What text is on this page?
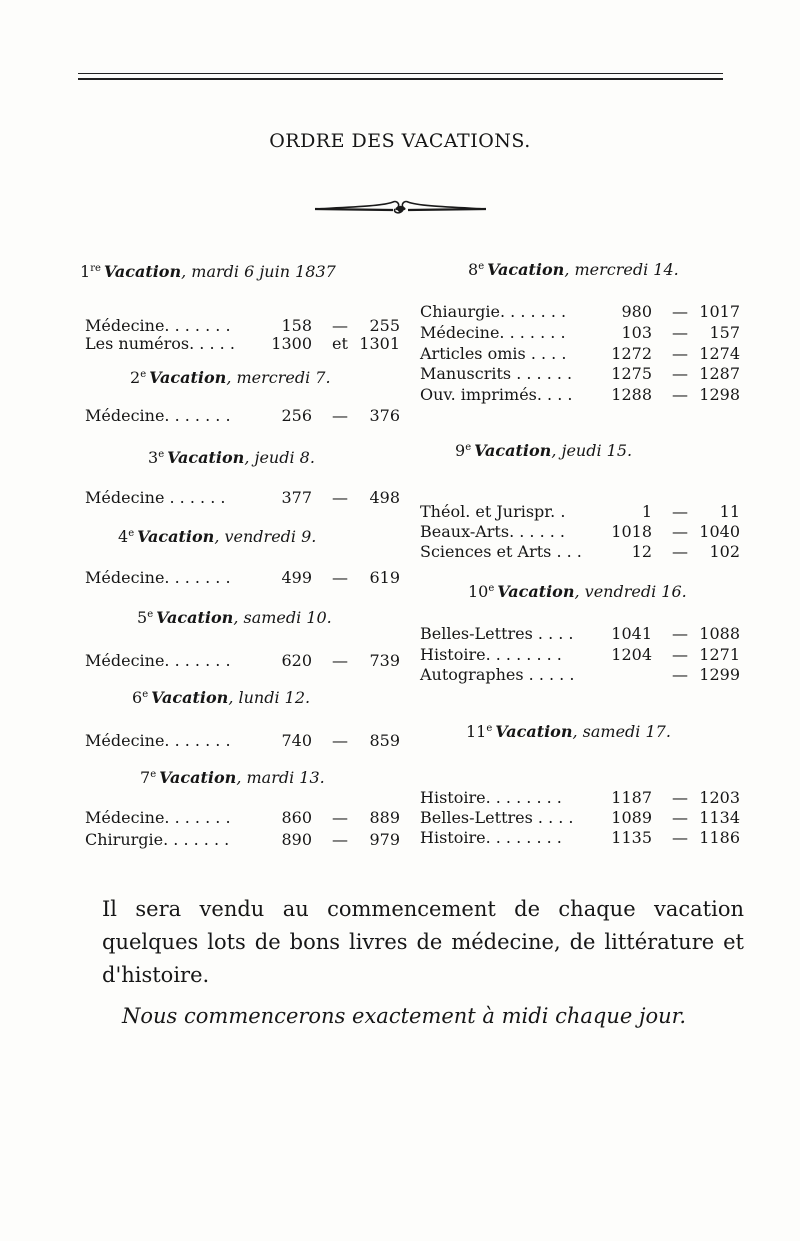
ORDRE DES VACATIONS.
1re Vacation, mardi 6 juin 1837
Médecine. . . . . . .	158	—	255
Les numéros. . . . . 1300	et 1301
2e Vacation, mercredi 7.
Médecine. . . . . . .	256	—	376
3e Vacation, jeudi 8.
Médecine . . . . . .	377	—	498
4e Vacation, vendredi 9.
Médecine. . . . . . .	499	—	619
5e Vacation, samedi 10.
Médecine. . . . . . .	620	—	739
6e Vacation, lundi 12.
Médecine. . . . . . .	740	—	859
7e Vacation, mardi 13.
Médecine. . . . . . .	860	—	889
Chirurgie. . . . . . .	890	—	979
8e Vacation, mercredi 14.
Chiaurgie. . . . . . .	980	— 1017
Médecine. . . . . . .	103	—	157
Articles omis . . . .	1272	— 1274
Manuscrits . . . . . . 1275	— 1287
Ouv. imprimés. . . . 1288	— 1298
9e Vacation, jeudi 15.
Théol. et Jurispr. .	1	—	11
Beaux-Arts. . . . . .	1018	— 1040
Sciences et Arts . . .	12	—	102
10e Vacation, vendredi 16.
Belles-Lettres . . . . 1041	— 1088
Histoire. . . . . . . .	1204	— 1271
Autographes . . . . .	— 1299
11e Vacation, samedi 17.
Histoire. . . . . . . .	1187	— 1203
Belles-Lettres . . . . 1089	— 1134
Histoire. . . . . . . .	1135	— 1186
Il sera vendu au commencement de chaque vacation quelques lots de bons livres de médecine, de littérature et d'histoire.
Nous commencerons exactement à midi chaque jour.
